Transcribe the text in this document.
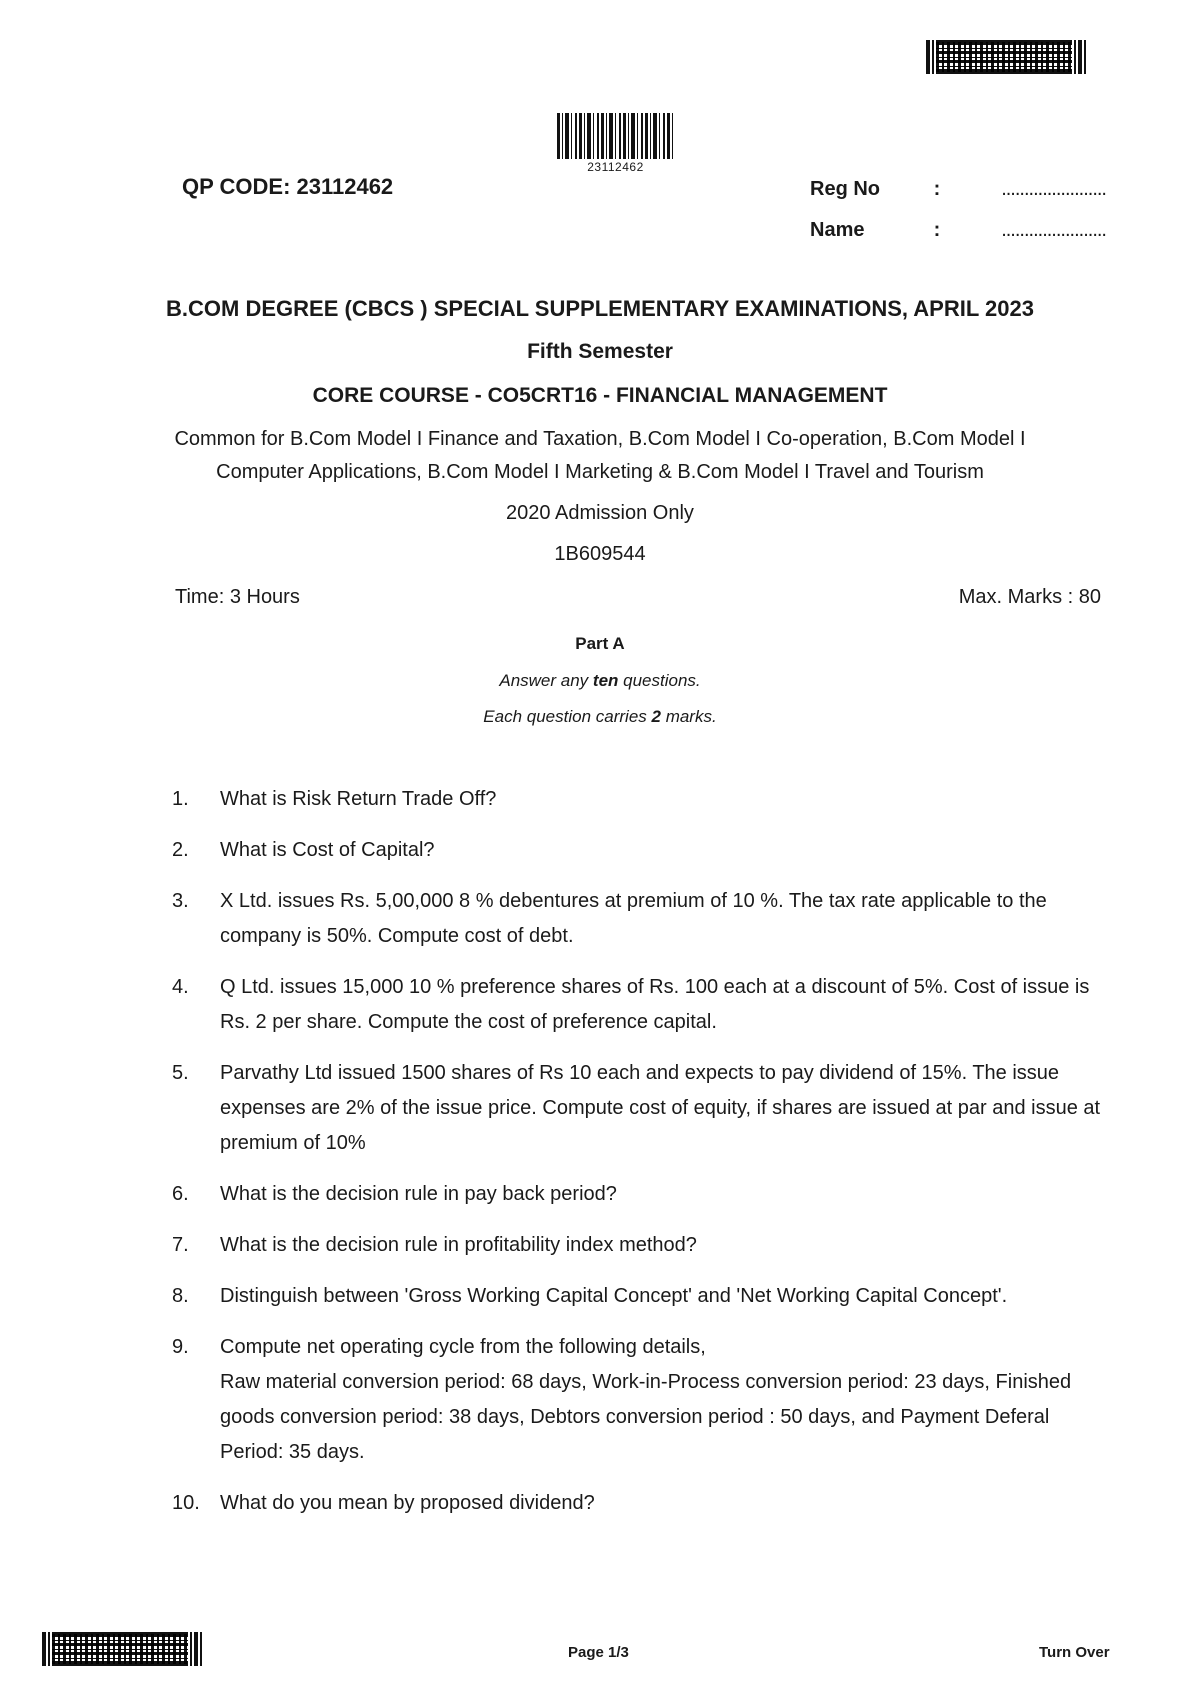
23112462
QP CODE: 23112462	Reg No	:	.......................
Name	:	.......................
B.COM DEGREE (CBCS ) SPECIAL SUPPLEMENTARY EXAMINATIONS, APRIL 2023
Fifth Semester
CORE COURSE - CO5CRT16 - FINANCIAL MANAGEMENT
Common for B.Com Model I Finance and Taxation, B.Com Model I Co-operation, B.Com Model I
Computer Applications, B.Com Model I Marketing & B.Com Model I Travel and Tourism
2020 Admission Only
1B609544
Time: 3 Hours	Max. Marks : 80
Part A
Answer any ten questions.
Each question carries 2 marks.
1.	What is Risk Return Trade Off?
2.	What is Cost of Capital?
3.	X Ltd. issues Rs. 5,00,000 8 % debentures at premium of 10 %. The tax rate applicable to the company is 50%. Compute cost of debt.
4.	Q Ltd. issues 15,000 10 % preference shares of Rs. 100 each at a discount of 5%. Cost of issue is Rs. 2 per share. Compute the cost of preference capital.
5.	Parvathy Ltd issued 1500 shares of Rs 10 each and expects to pay dividend of 15%. The issue expenses are 2% of the issue price. Compute cost of equity, if shares are issued at par and issue at premium of 10%
6.	What is the decision rule in pay back period?
7.	What is the decision rule in profitability index method?
8.	Distinguish between 'Gross Working Capital Concept' and 'Net Working Capital Concept'.
9.	Compute net operating cycle from the following details,
Raw material conversion period: 68 days, Work-in-Process conversion period: 23 days, Finished goods conversion period: 38 days, Debtors conversion period : 50 days, and Payment Deferal Period: 35 days.
10.	What do you mean by proposed dividend?
Page 1/3	Turn Over
